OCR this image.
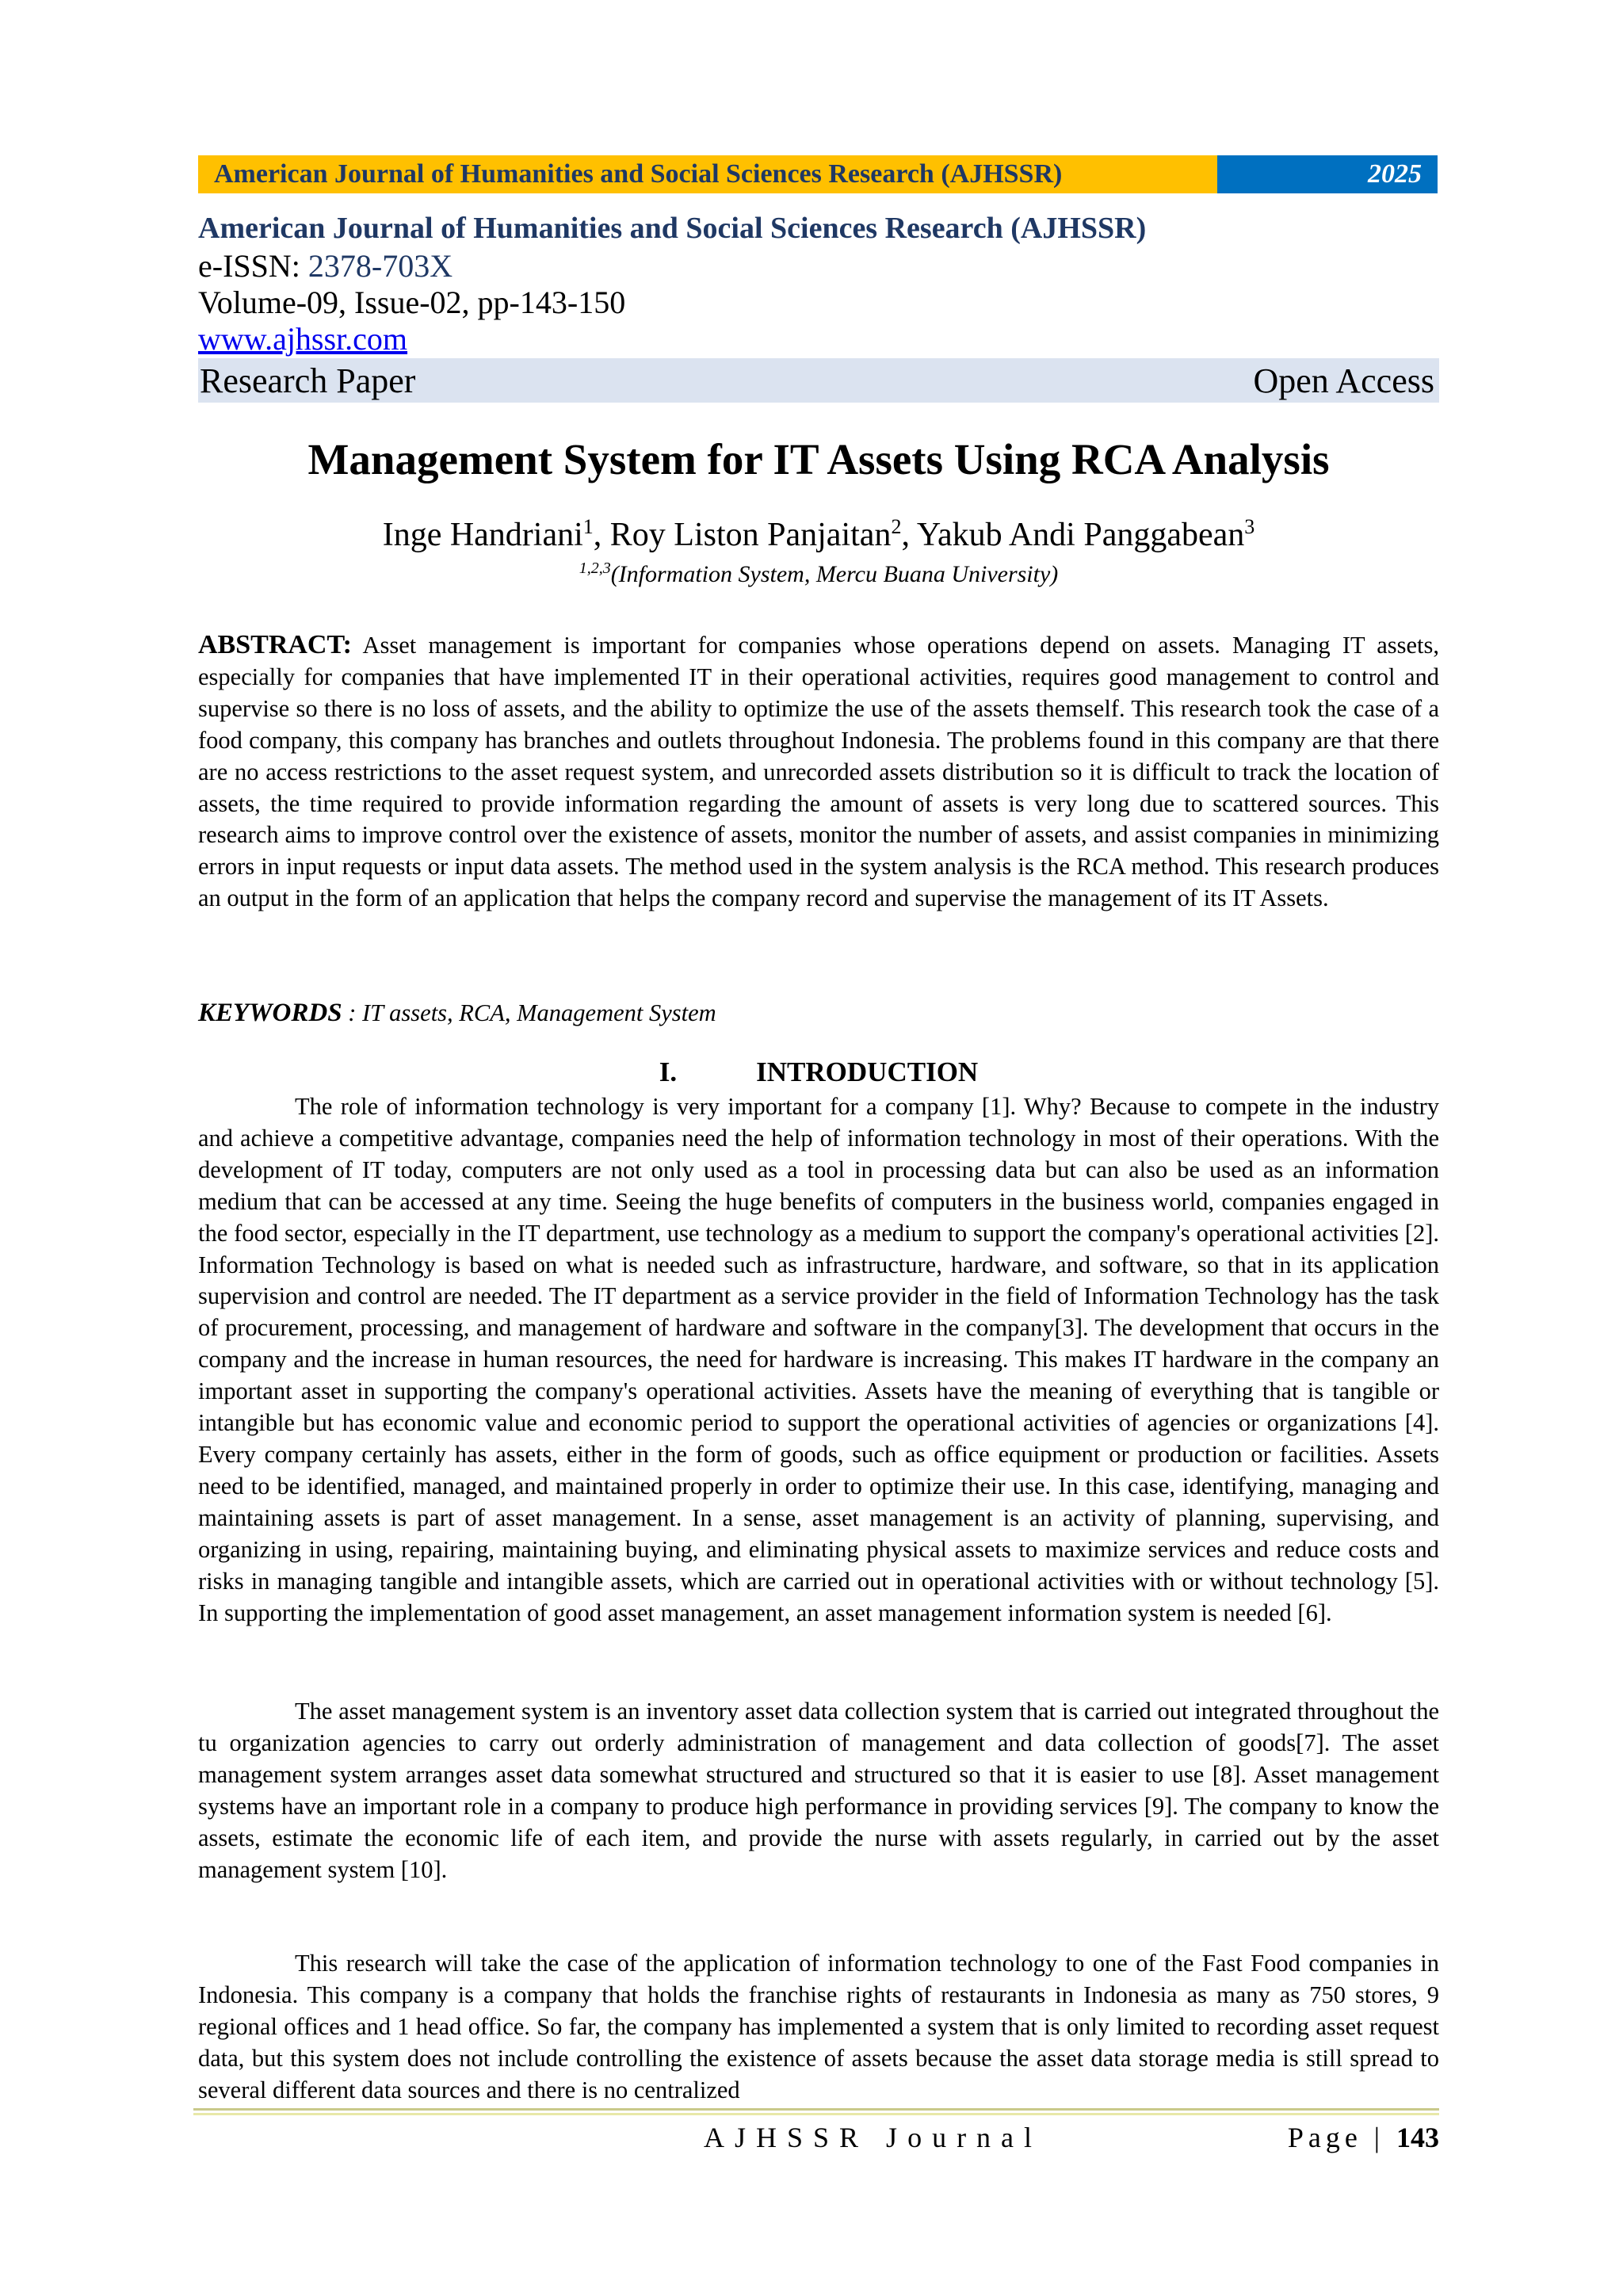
American Journal of Humanities and Social Sciences Research (AJHSSR)	2025
American Journal of Humanities and Social Sciences Research (AJHSSR)
e-ISSN: 2378-703X
Volume-09, Issue-02, pp-143-150
www.ajhssr.com
Research Paper	Open Access
Management System for IT Assets Using RCA Analysis
Inge Handriani$^1$, Roy Liston Panjaitan$^2$, Yakub Andi Panggabean$^3$
$^{1,2,3}$(Information System, Mercu Buana University)
ABSTRACT: Asset management is important for companies whose operations depend on assets. Managing IT assets, especially for companies that have implemented IT in their operational activities, requires good management to control and supervise so there is no loss of assets, and the ability to optimize the use of the assets themself. This research took the case of a food company, this company has branches and outlets throughout Indonesia. The problems found in this company are that there are no access restrictions to the asset request system, and unrecorded assets distribution so it is difficult to track the location of assets, the time required to provide information regarding the amount of assets is very long due to scattered sources. This research aims to improve control over the existence of assets, monitor the number of assets, and assist companies in minimizing errors in input requests or input data assets. The method used in the system analysis is the RCA method. This research produces an output in the form of an application that helps the company record and supervise the management of its IT Assets.
KEYWORDS : IT assets, RCA, Management System
I.	INTRODUCTION
The role of information technology is very important for a company [1]. Why? Because to compete in the industry and achieve a competitive advantage, companies need the help of information technology in most of their operations. With the development of IT today, computers are not only used as a tool in processing data but can also be used as an information medium that can be accessed at any time. Seeing the huge benefits of computers in the business world, companies engaged in the food sector, especially in the IT department, use technology as a medium to support the company's operational activities [2]. Information Technology is based on what is needed such as infrastructure, hardware, and software, so that in its application supervision and control are needed. The IT department as a service provider in the field of Information Technology has the task of procurement, processing, and management of hardware and software in the company[3]. The development that occurs in the company and the increase in human resources, the need for hardware is increasing. This makes IT hardware in the company an important asset in supporting the company's operational activities. Assets have the meaning of everything that is tangible or intangible but has economic value and economic period to support the operational activities of agencies or organizations [4]. Every company certainly has assets, either in the form of goods, such as office equipment or production or facilities. Assets need to be identified, managed, and maintained properly in order to optimize their use. In this case, identifying, managing and maintaining assets is part of asset management. In a sense, asset management is an activity of planning, supervising, and organizing in using, repairing, maintaining buying, and eliminating physical assets to maximize services and reduce costs and risks in managing tangible and intangible assets, which are carried out in operational activities with or without technology [5]. In supporting the implementation of good asset management, an asset management information system is needed [6].
The asset management system is an inventory asset data collection system that is carried out integrated throughout the tu organization agencies to carry out orderly administration of management and data collection of goods[7]. The asset management system arranges asset data somewhat structured and structured so that it is easier to use [8]. Asset management systems have an important role in a company to produce high performance in providing services [9]. The company to know the assets, estimate the economic life of each item, and provide the nurse with assets regularly, in carried out by the asset management system [10].
This research will take the case of the application of information technology to one of the Fast Food companies in Indonesia. This company is a company that holds the franchise rights of restaurants in Indonesia as many as 750 stores, 9 regional offices and 1 head office. So far, the company has implemented a system that is only limited to recording asset request data, but this system does not include controlling the existence of assets because the asset data storage media is still spread to several different data sources and there is no centralized
AJHSSR Journal	Page | 143
